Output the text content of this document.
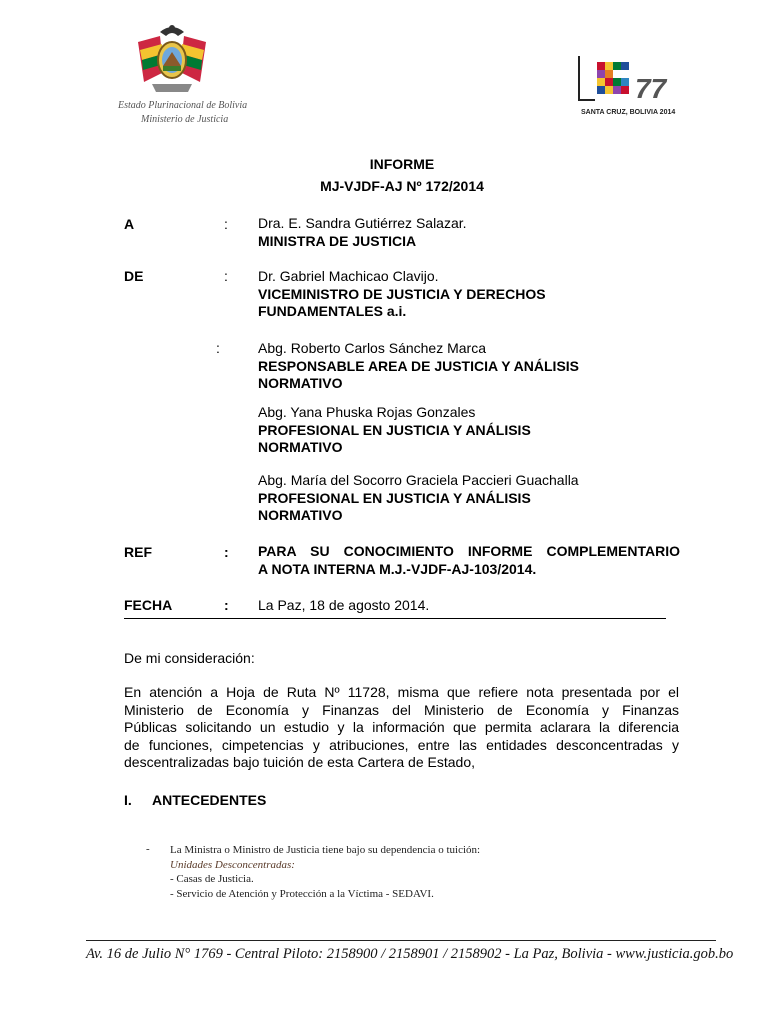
Estado Plurinacional de Bolivia
Ministerio de Justicia
77
SANTA CRUZ, BOLIVIA 2014
INFORME
MJ-VJDF-AJ Nº 172/2014
A	: Dra. E. Sandra Gutiérrez Salazar.
MINISTRA DE JUSTICIA
DE	: Dr. Gabriel Machicao Clavijo.
VICEMINISTRO DE JUSTICIA Y DERECHOS
FUNDAMENTALES a.i.
:	Abg. Roberto Carlos Sánchez Marca
RESPONSABLE AREA DE JUSTICIA Y ANÁLISIS
NORMATIVO
Abg. Yana Phuska Rojas Gonzales
PROFESIONAL EN JUSTICIA Y ANÁLISIS
NORMATIVO
Abg. María del Socorro Graciela Paccieri Guachalla
PROFESIONAL EN JUSTICIA Y ANÁLISIS
NORMATIVO
REF	: PARA SU CONOCIMIENTO INFORME COMPLEMENTARIO
A NOTA INTERNA M.J.-VJDF-AJ-103/2014.
FECHA	: La Paz, 18 de agosto 2014.
De mi consideración:
En atención a Hoja de Ruta Nº 11728, misma que refiere nota presentada por el
Ministerio de Economía y Finanzas del Ministerio de Economía y Finanzas
Públicas solicitando un estudio y la información que permita aclarara la diferencia
de funciones, cimpetencias y atribuciones, entre las entidades desconcentradas y
descentralizadas bajo tuición de esta Cartera de Estado,
I. ANTECEDENTES
- La Ministra o Ministro de Justicia tiene bajo su dependencia o tuición:
Unidades Desconcentradas:
- Casas de Justicia.
- Servicio de Atención y Protección a la Víctima - SEDAVI.
Av. 16 de Julio N° 1769 - Central Piloto: 2158900 / 2158901 / 2158902 - La Paz, Bolivia - www.justicia.gob.bo
